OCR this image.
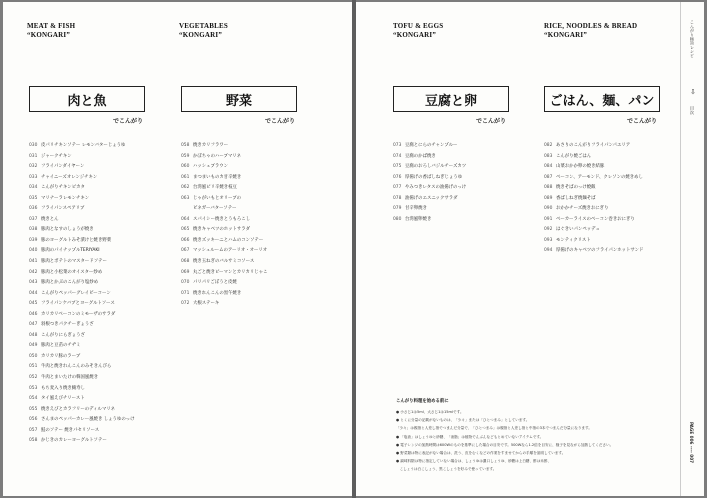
MEAT & FISH
“KONGARI”
肉と魚
でこんがり
030 皮パリチキンソテー レモンバターじょうゆ
031 ジャークチキン
032 フライパンダイヤーン
033 チャイニーズオレンジチキン
034 こんがりチキンピカタ
035 マリナーラレモンチキン
036 フライパンスペアリブ
037 焼きとん
038 豚肉となすのしょうが焼き
039 豚のヨーグルトみそ漬けと焼き野菜
040 豚肉のパイナップルTERIYAKI
041 豚肉とポテトのマスタードソテー
042 豚肉と小松菜のオイスター炒め
043 豚肉とかぶのこんがり塩炒め
044 こんがりペッパーグレイビーコーン
045 フライパンケバブとヨーグルトソース
046 カリカリベーコンのミモーザのサラダ
047 羽根つきパクチーぎょうざ
048 こんがりにらぎょうざ
049 豚肉と豆苗のチヂミ
050 カリカリ豚のラーブ
051 牛肉と焼きれんこんのみそきんぴら
052 牛肉とまいたけの韓国風焼き
053 もち麦入り焼き鯖寿し
054 タイ風えびチリースト
055 焼きえびとカラフリーのディルマリネ
056 さんまのペッパーカレー風焼き しょうゆのっけ
057 鮭のソテー 焼きパセリソース
058 かじきのカレーヨーグルトソテー
VEGETABLES
“KONGARI”
野菜
でこんがり
058 焼きカリフラワー
059 かぼちゃのハーブマリネ
060 ハッシュブラウン
061 まつまいものカ甘辛焼き
062 台湾風ピリ辛焼き枝豆
063 じゃがいもとオリーブの
ビネガーバターソテー
064 スパイシー焼きとうもろこし
065 焼きキャベツのホットサラダ
066 焼きズッキーニとハムのコンソテー
067 マッシュルームのアーリオ・オーリオ
068 焼き玉ねぎのバルサミコソース
069 丸ごと焼きピーマンとカリカリじゃこ
070 パリパリごぼうと皮焼
071 焼きれんこんの黒午焼き
072 大根ステーキ
TOFU & EGGS
“KONGARI”
豆腐と卵
でこんがり
073 豆腐とにらのチャンプルー
074 豆腐のかば焼き
075 豆腐のおろしバジルチーズカツ
076 厚揚げの香ばしねぎじょうゆ
077 やみつきレタスの油揚げのっけ
078 油揚げのエスニックサラダ
079 甘辛卵焼き
080 台湾風卵焼き
RICE, NOODLES & BREAD
“KONGARI”
ごはん、麺、パン
でこんがり
082 あさりのこんがりフライパンパエリア
083 こんがり焼ごはん
084 山菜おかか卵の焼き結豚
087 ベーコン、アーモンド、クレソンの焼きめし
088 焼きそばのっけ焼飯
089 香ばしねぎ焼麺そば
090 おかかチーズ焼きおにぎり
091 ベーカーライスのベーコン巻きおにぎり
092 はぐきいパンペッデュ
093 モンティクリスト
094 厚揚げのキャベツのフライパンホットサンド
こんがり料理を始める前に
● 小さじ1は5ml、大さじ1は15mlです。
● とくに分量の記載がないものは、「少々」または「ひとつまみ」としています。
「少々」は親指と人差し指でつまんだ分量で、「ひとつまみ」は親指と人差し指と中指の3本でつまんだ分量になります。
● 「塩油」はしょうゆと砂糖、「油脂」は植物でんぷんなどもとめていないアイテムです。
● 電子レンジの加熱時間は600Wのものを基準にした場合の目安です。500Wなら1.2倍を目安に、様子を見ながら加熱してください。
● 野菜類は特に表記がない場合は、洗う、皮をむくなどの作業をすませてからの手順を説明しています。
● 調味料類は特に指定していない場合は、しょうゆは濃口しょうゆ、砂糖は上白糖、酢は米酢、
　こしょうは白こしょう、黒こしょうを好みで使っています。
こんがり極旨レシピ
⇩
目次
PAGE 006 ---- 007
